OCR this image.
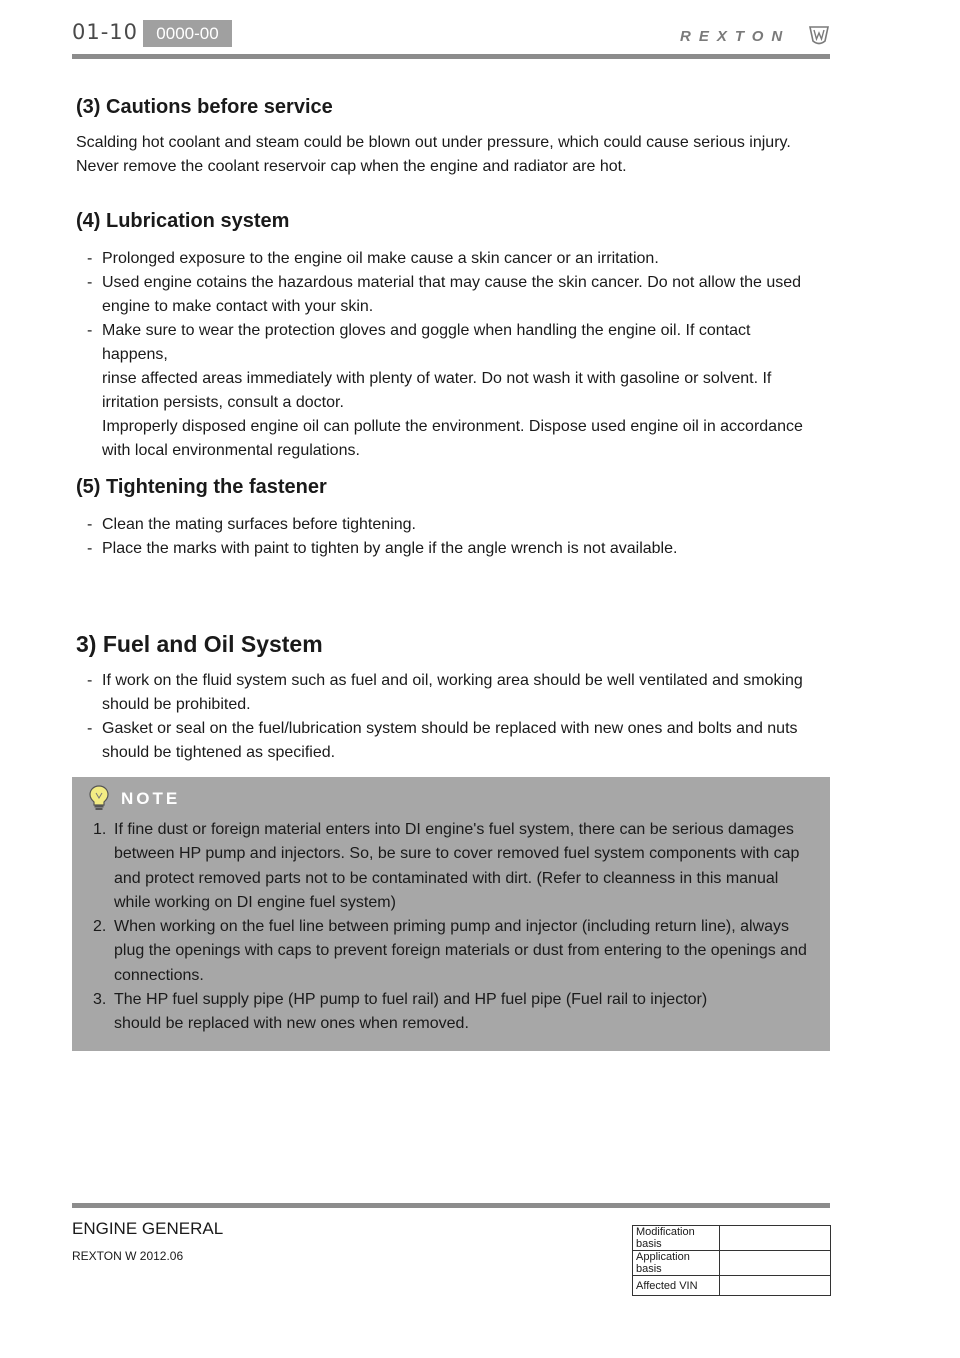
01-10	0000-00	REXTON
(3) Cautions before service

Scalding hot coolant and steam could be blown out under pressure, which could cause serious injury.
Never remove the coolant reservoir cap when the engine and radiator are hot.

(4) Lubrication system
- Prolonged exposure to the engine oil make cause a skin cancer or an irritation.
- Used engine cotains the hazardous material that may cause the skin cancer. Do not allow the used
engine to make contact with your skin.
- Make sure to wear the protection gloves and goggle when handling the engine oil. If contact happens,
rinse affected areas immediately with plenty of water. Do not wash it with gasoline or solvent. If
irritation persists, consult a doctor.
Improperly disposed engine oil can pollute the environment. Dispose used engine oil in accordance
with local environmental regulations.
(5) Tightening the fastener
- Clean the mating surfaces before tightening.
- Place the marks with paint to tighten by angle if the angle wrench is not available.
3) Fuel and Oil System
- If work on the fluid system such as fuel and oil, working area should be well ventilated and smoking
should be prohibited.
- Gasket or seal on the fuel/lubrication system should be replaced with new ones and bolts and nuts
should be tightened as specified.
NOTE
1. If fine dust or foreign material enters into DI engine's fuel system, there can be serious damages
between HP pump and injectors. So, be sure to cover removed fuel system components with cap
and protect removed parts not to be contaminated with dirt. (Refer to cleanness in this manual
while working on DI engine fuel system)
2. When working on the fuel line between priming pump and injector (including return line), always
plug the openings with caps to prevent foreign materials or dust from entering to the openings and
connections.
3. The HP fuel supply pipe (HP pump to fuel rail) and HP fuel pipe (Fuel rail to injector)
should be replaced with new ones when removed.
ENGINE GENERAL
REXTON W 2012.06
Modification basis	
Application basis	
Affected VIN	
